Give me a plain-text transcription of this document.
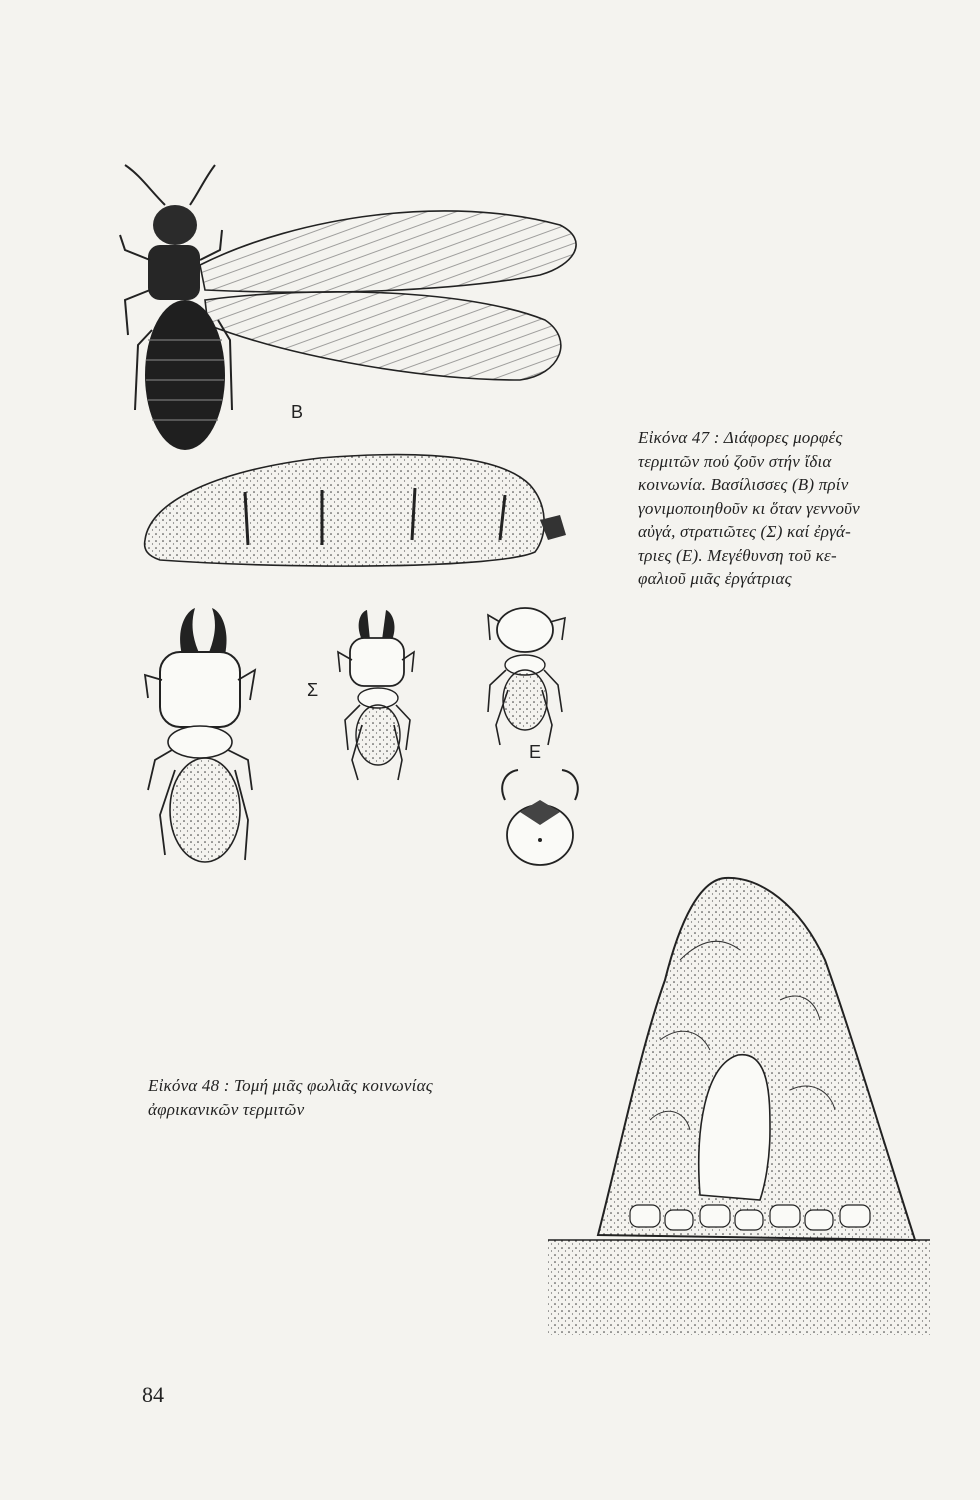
B
Σ
E
Εἰκόνα 47 : Διάφορες μορφές
τερμιτῶν πού ζοῦν στήν ἴδια
κοινωνία. Βασίλισσες (B) πρίν
γονιμοποιηθοῦν κι ὅταν γεννοῦν
αὐγά, στρατιῶτες (Σ) καί ἐργά-
τριες (E). Μεγέθυνση τοῦ κε-
φαλιοῦ μιᾶς ἐργάτριας
Εἰκόνα 48 : Τομή μιᾶς φωλιᾶς κοινωνίας
ἀφρικανικῶν τερμιτῶν
84
